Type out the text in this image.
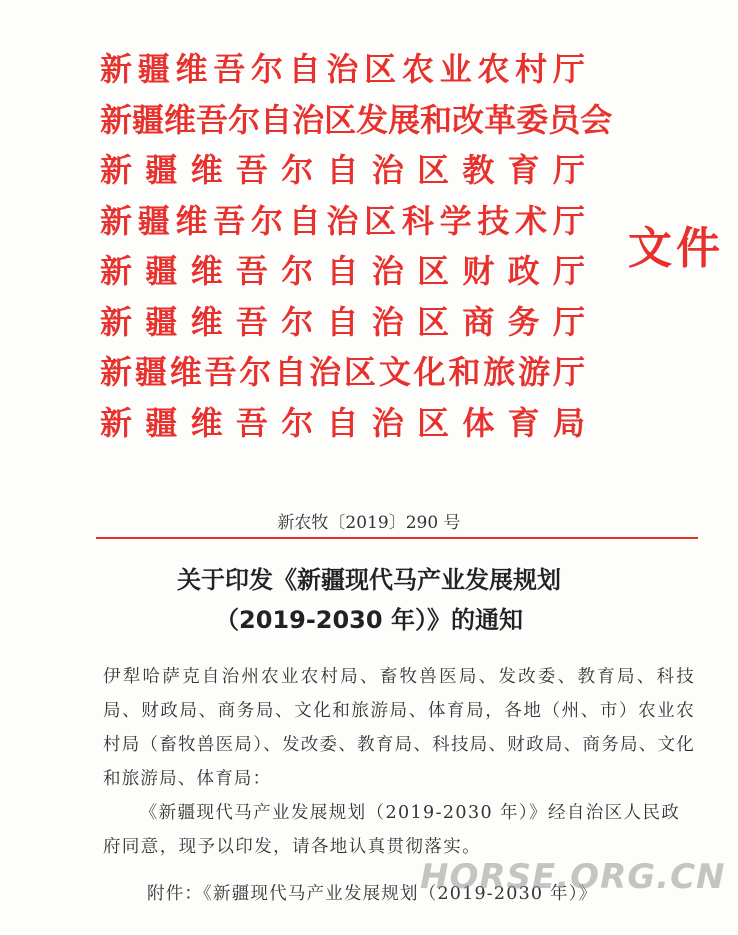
新 疆 维 吾 尔 自 治 区 农 业 农 村 厅
新 疆 维 吾 尔 自 治 区 发 展 和 改 革 委 员 会
新 疆 维 吾 尔 自 治 区 教 育 厅
新 疆 维 吾 尔 自 治 区 科 学 技 术 厅
新 疆 维 吾 尔 自 治 区 财 政 厅
新 疆 维 吾 尔 自 治 区 商 务 厅
新 疆 维 吾 尔 自 治 区 文 化 和 旅 游 厅
新 疆 维 吾 尔 自 治 区 体 育 局
文件
新农牧〔2019〕290 号
关于印发《新疆现代马产业发展规划
（2019-2030 年）》的通知
伊犁哈萨克自治州农业农村局、畜牧兽医局、发改委、教育局、科技局、财政局、商务局、文化和旅游局、体育局，各地（州、市）农业农村局（畜牧兽医局）、发改委、教育局、科技局、财政局、商务局、文化和旅游局、体育局：
《新疆现代马产业发展规划（2019-2030 年）》经自治区人民政府同意，现予以印发，请各地认真贯彻落实。
附件：《新疆现代马产业发展规划（2019-2030 年）》
HORSE.ORG.CN
